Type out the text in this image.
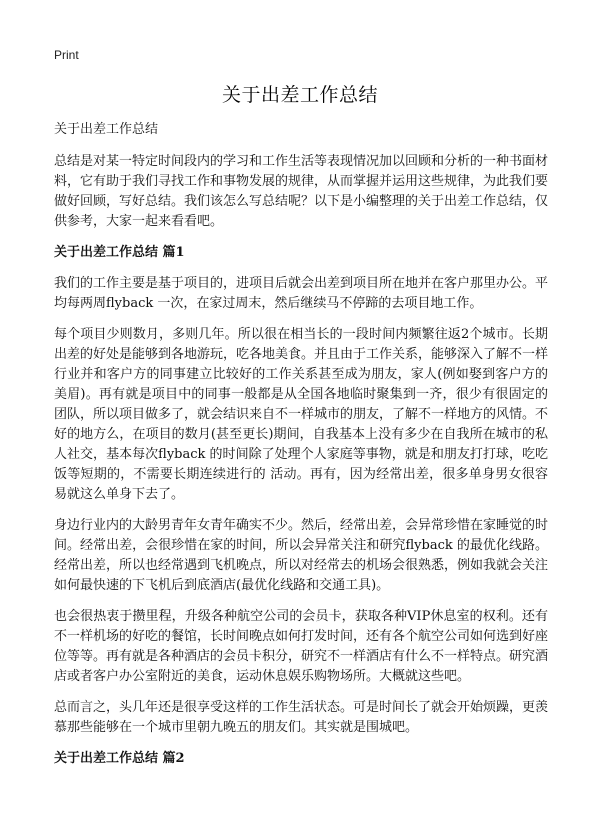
Print
关于出差工作总结

关于出差工作总结

总结是对某一特定时间段内的学习和工作生活等表现情况加以回顾和分析的一种书面材料，它有助于我们寻找工作和事物发展的规律，从而掌握并运用这些规律，为此我们要做好回顾，写好总结。我们该怎么写总结呢？以下是小编整理的关于出差工作总结，仅供参考，大家一起来看看吧。

关于出差工作总结 篇1

我们的工作主要是基于项目的，进项目后就会出差到项目所在地并在客户那里办公。平均每两周flyback 一次，在家过周末，然后继续马不停蹄的去项目地工作。

每个项目少则数月，多则几年。所以很在相当长的一段时间内频繁往返2个城市。长期出差的好处是能够到各地游玩，吃各地美食。并且由于工作关系，能够深入了解不一样行业并和客户方的同事建立比较好的工作关系甚至成为朋友，家人(例如娶到客户方的美眉)。再有就是项目中的同事一般都是从全国各地临时聚集到一齐，很少有很固定的团队，所以项目做多了，就会结识来自不一样城市的朋友，了解不一样地方的风情。不好的地方么，在项目的数月(甚至更长)期间，自我基本上没有多少在自我所在城市的私人社交，基本每次flyback 的时间除了处理个人家庭等事物，就是和朋友打打球，吃吃饭等短期的，不需要长期连续进行的 活动。再有，因为经常出差，很多单身男女很容易就这么单身下去了。

身边行业内的大龄男青年女青年确实不少。然后，经常出差，会异常珍惜在家睡觉的时间。经常出差，会很珍惜在家的时间，所以会异常关注和研究flyback 的最优化线路。经常出差，所以也经常遇到飞机晚点，所以对经常去的机场会很熟悉，例如我就会关注如何最快速的下飞机后到底酒店(最优化线路和交通工具)。

也会很热衷于攒里程，升级各种航空公司的会员卡，获取各种VIP休息室的权利。还有不一样机场的好吃的餐馆，长时间晚点如何打发时间，还有各个航空公司如何选到好座位等等。再有就是各种酒店的会员卡积分，研究不一样酒店有什么不一样特点。研究酒店或者客户办公室附近的美食，运动休息娱乐购物场所。大概就这些吧。

总而言之，头几年还是很享受这样的工作生活状态。可是时间长了就会开始烦躁，更羡慕那些能够在一个城市里朝九晚五的朋友们。其实就是围城吧。

关于出差工作总结 篇2
